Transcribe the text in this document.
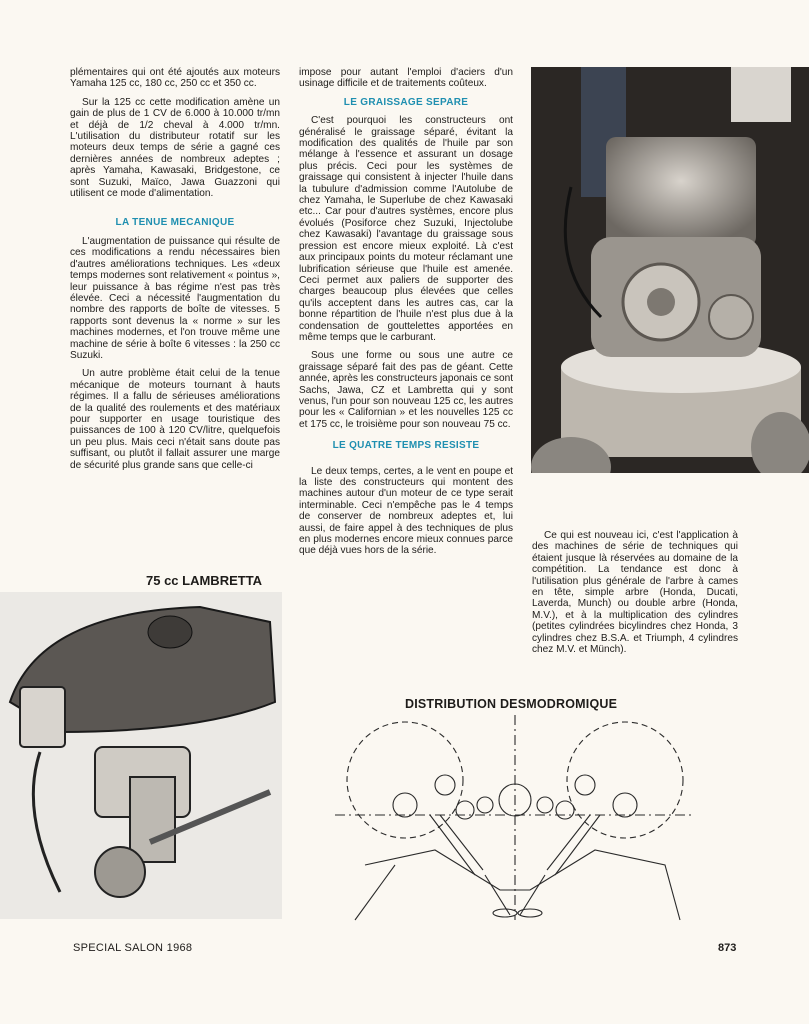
plémentaires qui ont été ajoutés aux moteurs Yamaha 125 cc, 180 cc, 250 cc et 350 cc.

Sur la 125 cc cette modification amène un gain de plus de 1 CV de 6.000 à 10.000 tr/mn et déjà de 1/2 cheval à 4.000 tr/mn. L'utilisation du distributeur rotatif sur les moteurs deux temps de série a gagné ces dernières années de nombreux adeptes ; après Yamaha, Kawasaki, Bridgestone, ce sont Suzuki, Maïco, Jawa Guazzoni qui utilisent ce mode d'alimentation.

LA TENUE MECANIQUE

L'augmentation de puissance qui résulte de ces modifications a rendu nécessaires bien d'autres améliorations techniques. Les «deux temps modernes sont relativement « pointus », leur puissance à bas régime n'est pas très élevée. Ceci a nécessité l'augmentation du nombre des rapports de boîte de vitesses. 5 rapports sont devenus la « norme » sur les machines modernes, et l'on trouve même une machine de série à boîte 6 vitesses : la 250 cc Suzuki.

Un autre problème était celui de la tenue mécanique de moteurs tournant à hauts régimes. Il a fallu de sérieuses améliorations de la qualité des roulements et des matériaux pour supporter en usage touristique des puissances de 100 à 120 CV/litre, quelquefois un peu plus. Mais ceci n'était sans doute pas suffisant, ou plutôt il fallait assurer une marge de sécurité plus grande sans que celle-ci

impose pour autant l'emploi d'aciers d'un usinage difficile et de traitements coûteux.

LE GRAISSAGE SEPARE

C'est pourquoi les constructeurs ont généralisé le graissage séparé, évitant la modification des qualités de l'huile par son mélange à l'essence et assurant un dosage plus précis. Ceci pour les systèmes de graissage qui consistent à injecter l'huile dans la tubulure d'admission comme l'Autolube de chez Yamaha, le Superlube de chez Kawasaki etc... Car pour d'autres systèmes, encore plus évolués (Posiforce chez Suzuki, Injectolube chez Kawasaki) l'avantage du graissage sous pression est encore mieux exploité. Là c'est aux principaux points du moteur réclamant une lubrification sérieuse que l'huile est amenée. Ceci permet aux paliers de supporter des charges beaucoup plus élevées que celles qu'ils acceptent dans les autres cas, car la bonne répartition de l'huile n'est plus due à la condensation de gouttelettes apportées en même temps que le carburant.

Sous une forme ou sous une autre ce graissage séparé fait des pas de géant. Cette année, après les constructeurs japonais ce sont Sachs, Jawa, CZ et Lambretta qui y sont venus, l'un pour son nouveau 125 cc, les autres pour les « Californian » et les nouvelles 125 cc et 175 cc, le troisième pour son nouveau 75 cc.

LE QUATRE TEMPS RESISTE

Le deux temps, certes, a le vent en poupe et la liste des constructeurs qui montent des machines autour d'un moteur de ce type serait interminable. Ceci n'empêche pas le 4 temps de conserver de nombreux adeptes et, lui aussi, de faire appel à des techniques de plus en plus modernes encore mieux connues parce que déjà vues hors de la série.

Ce qui est nouveau ici, c'est l'application à des machines de série de techniques qui étaient jusque là réservées au domaine de la compétition. La tendance est donc à l'utilisation plus générale de l'arbre à cames en tête, simple arbre (Honda, Ducati, Laverda, Munch) ou double arbre (Honda, M.V.), et à la multiplication des cylindres (petites cylindrées bicylindres chez Honda, 3 cylindres chez B.S.A. et Triumph, 4 cylindres chez M.V. et Münch).

75 cc LAMBRETTA
DISTRIBUTION DESMODROMIQUE
SPECIAL SALON 1968	873
